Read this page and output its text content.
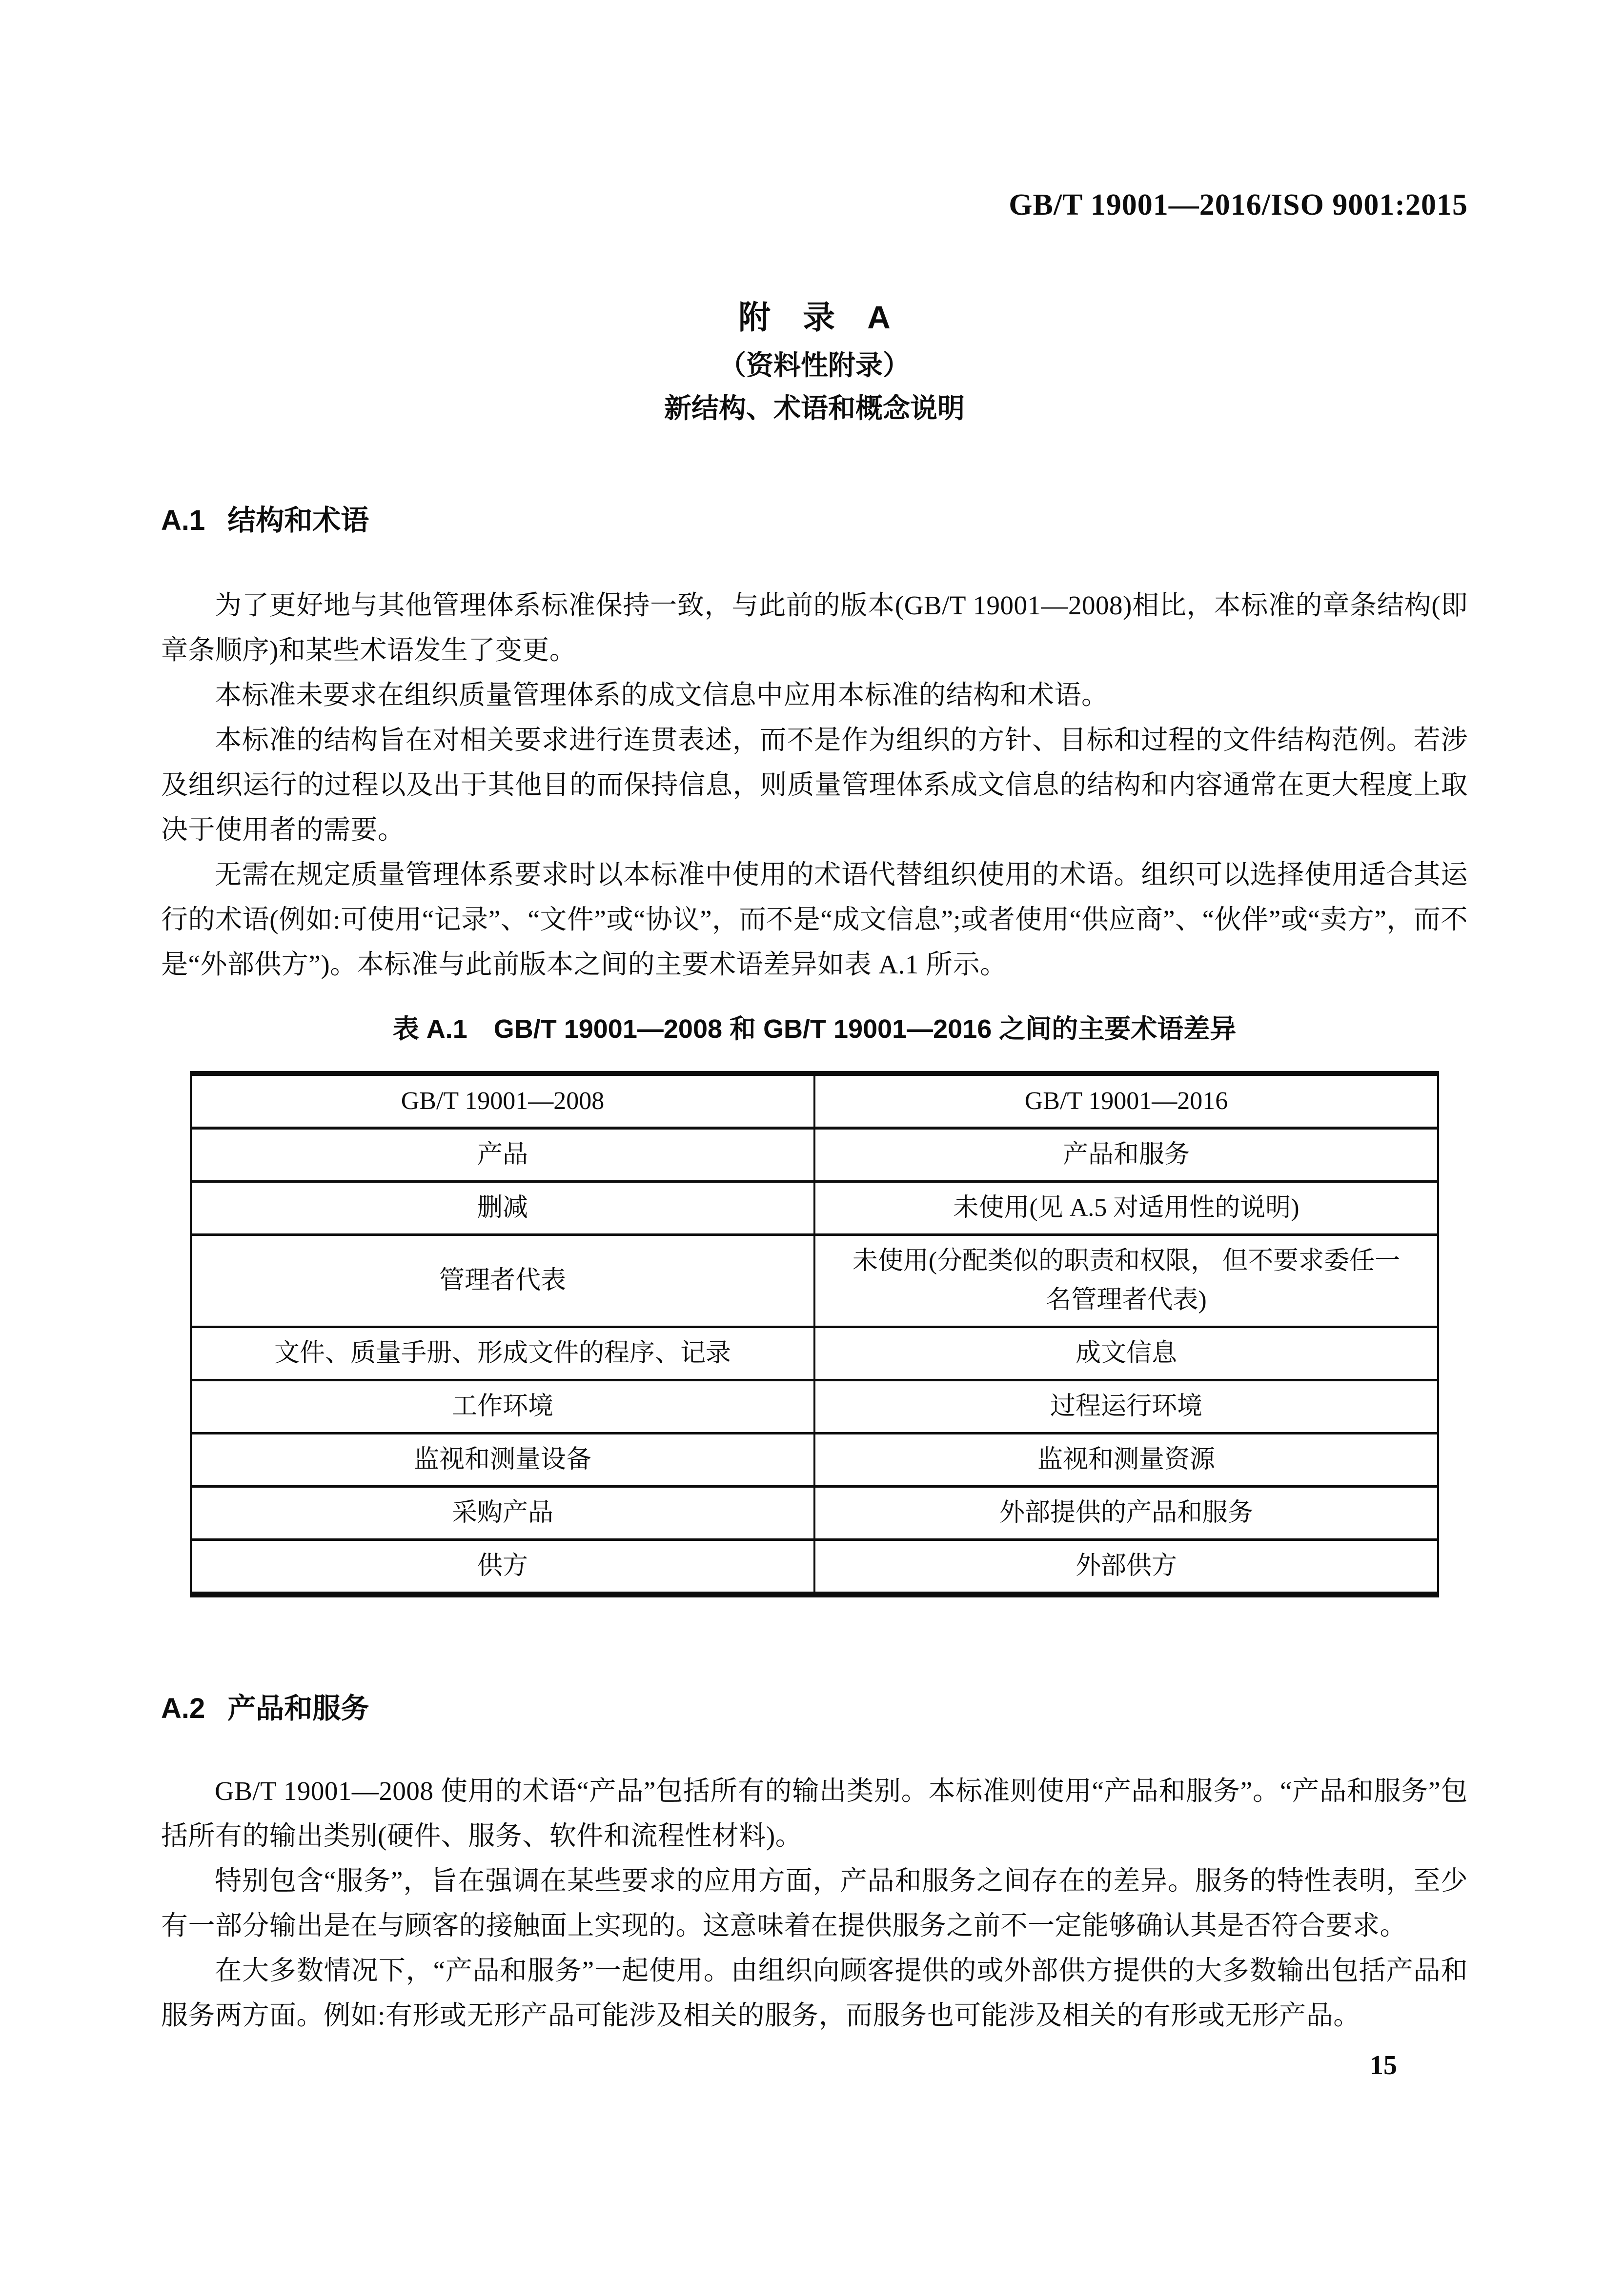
GB/T 19001—2016/ISO 9001:2015
附　录　A
（资料性附录）
新结构、术语和概念说明
A.1 结构和术语

为了更好地与其他管理体系标准保持一致，与此前的版本(GB/T 19001—2008)相比，本标准的章条结构(即章条顺序)和某些术语发生了变更。

本标准未要求在组织质量管理体系的成文信息中应用本标准的结构和术语。

本标准的结构旨在对相关要求进行连贯表述，而不是作为组织的方针、目标和过程的文件结构范例。若涉及组织运行的过程以及出于其他目的而保持信息，则质量管理体系成文信息的结构和内容通常在更大程度上取决于使用者的需要。

无需在规定质量管理体系要求时以本标准中使用的术语代替组织使用的术语。组织可以选择使用适合其运行的术语(例如:可使用“记录”、“文件”或“协议”，而不是“成文信息”;或者使用“供应商”、“伙伴”或“卖方”，而不是“外部供方”)。本标准与此前版本之间的主要术语差异如表 A.1 所示。

表 A.1　GB/T 19001—2008 和 GB/T 19001—2016 之间的主要术语差异
GB/T 19001—2008	GB/T 19001—2016
产品	产品和服务
删减	未使用(见 A.5 对适用性的说明)
管理者代表	未使用(分配类似的职责和权限， 但不要求委任一名管理者代表)
文件、质量手册、形成文件的程序、记录	成文信息
工作环境	过程运行环境
监视和测量设备	监视和测量资源
采购产品	外部提供的产品和服务
供方	外部供方
A.2 产品和服务

GB/T 19001—2008 使用的术语“产品”包括所有的输出类别。本标准则使用“产品和服务”。“产品和服务”包括所有的输出类别(硬件、服务、软件和流程性材料)。

特别包含“服务”，旨在强调在某些要求的应用方面，产品和服务之间存在的差异。服务的特性表明，至少有一部分输出是在与顾客的接触面上实现的。这意味着在提供服务之前不一定能够确认其是否符合要求。

在大多数情况下，“产品和服务”一起使用。由组织向顾客提供的或外部供方提供的大多数输出包括产品和服务两方面。例如:有形或无形产品可能涉及相关的服务，而服务也可能涉及相关的有形或无形产品。

15
